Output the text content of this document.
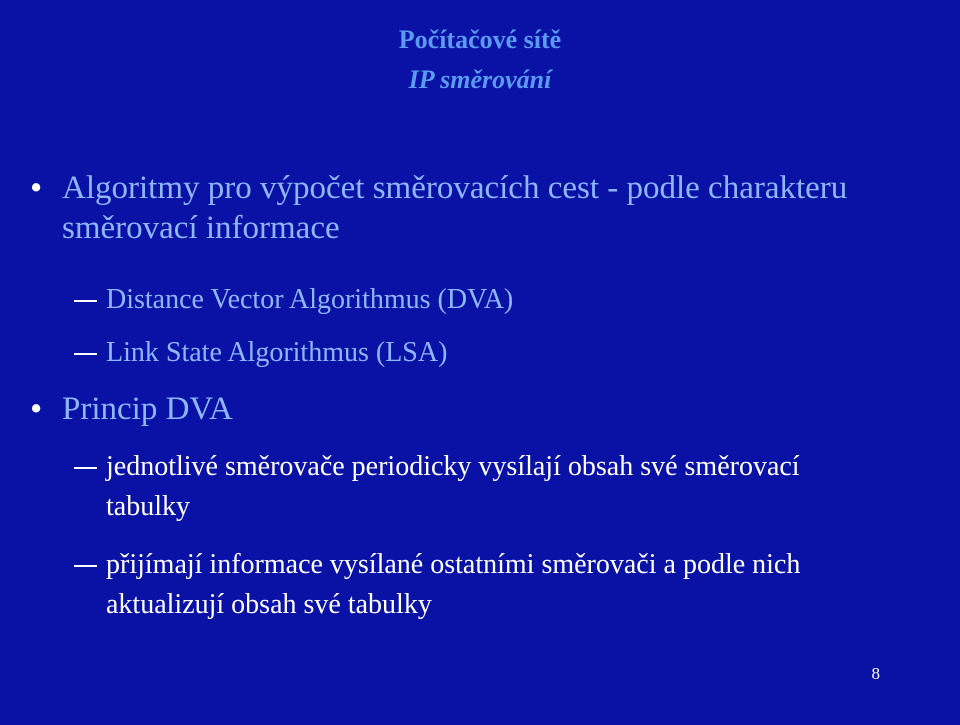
Počítačové sítě
IP směrování
• Algoritmy pro výpočet směrovacích cest - podle charakteru směrovací informace
Distance Vector Algorithmus (DVA)
Link State Algorithmus (LSA)
• Princip DVA
jednotlivé směrovače periodicky vysílají obsah své směrovací tabulky
přijímají informace vysílané ostatními směrovači a podle nich aktualizují obsah své tabulky
8
